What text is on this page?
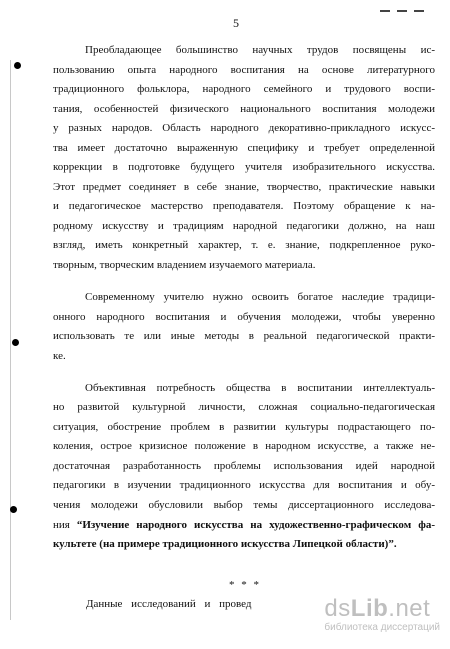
5
Преобладающее большинство научных трудов посвящены ис-
пользованию опыта народного воспитания на основе литературного
традиционного фольклора, народного семейного и трудового воспи-
тания, особенностей физического национального воспитания молодежи
у разных народов. Область народного декоративно-прикладного искусс-
тва имеет достаточно выраженную специфику и требует определенной
коррекции в подготовке будущего учителя изобразительного искусства.
Этот предмет соединяет в себе знание, творчество, практические навыки
и педагогическое мастерство преподавателя. Поэтому обращение к на-
родному искусству и традициям народной педагогики должно, на наш
взгляд, иметь конкретный характер, т. е. знание, подкрепленное руко-
творным, творческим владением изучаемого материала.
Современному учителю нужно освоить богатое наследие традици-
онного народного воспитания и обучения молодежи, чтобы уверенно
использовать те или иные методы в реальной педагогической практи-
ке.
Объективная потребность общества в воспитании интеллектуаль-
но развитой культурной личности, сложная социально-педагогическая
ситуация, обострение проблем в развитии культуры подрастающего по-
коления, острое кризисное положение в народном искусстве, а также не-
достаточная разработанность проблемы использования идей народной
педагогики в изучении традиционного искусства для воспитания и обу-
чения молодежи обусловили выбор темы диссертационного исследова-
ния “Изучение народного искусства на художественно-графическом фа-
культете (на примере традиционного искусства Липецкой области)”.
* * *
Данные исследований и провед	dsLib.net
библиотека диссертаций
